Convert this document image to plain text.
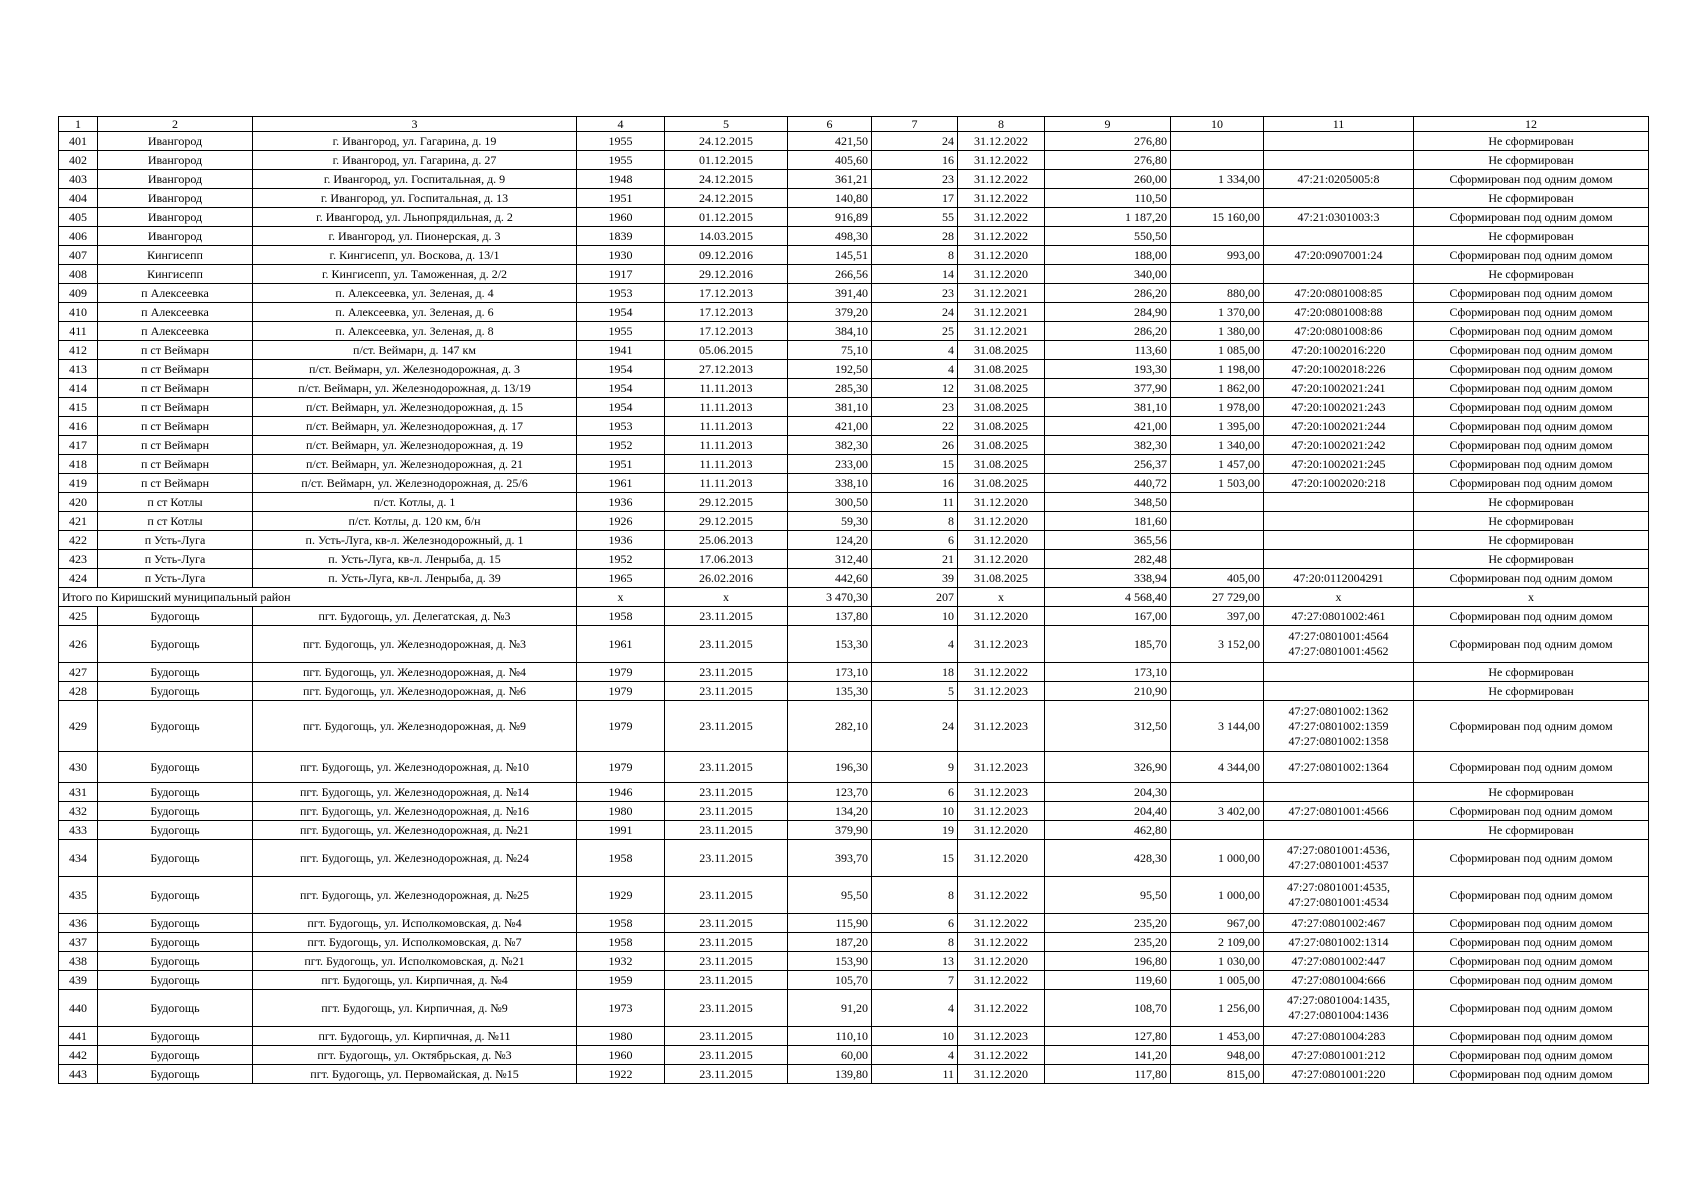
1	2	3	4	5	6	7	8	9	10	11	12
401	Ивангород	г. Ивангород, ул. Гагарина, д. 19	1955	24.12.2015	421,50	24	31.12.2022	276,80			Не сформирован
402	Ивангород	г. Ивангород, ул. Гагарина, д. 27	1955	01.12.2015	405,60	16	31.12.2022	276,80			Не сформирован
403	Ивангород	г. Ивангород, ул. Госпитальная, д. 9	1948	24.12.2015	361,21	23	31.12.2022	260,00	1 334,00	47:21:0205005:8	Сформирован под одним домом
404	Ивангород	г. Ивангород, ул. Госпитальная, д. 13	1951	24.12.2015	140,80	17	31.12.2022	110,50			Не сформирован
405	Ивангород	г. Ивангород, ул. Льнопрядильная, д. 2	1960	01.12.2015	916,89	55	31.12.2022	1 187,20	15 160,00	47:21:0301003:3	Сформирован под одним домом
406	Ивангород	г. Ивангород, ул. Пионерская, д. 3	1839	14.03.2015	498,30	28	31.12.2022	550,50			Не сформирован
407	Кингисепп	г. Кингисепп, ул. Воскова, д. 13/1	1930	09.12.2016	145,51	8	31.12.2020	188,00	993,00	47:20:0907001:24	Сформирован под одним домом
408	Кингисепп	г. Кингисепп, ул. Таможенная, д. 2/2	1917	29.12.2016	266,56	14	31.12.2020	340,00			Не сформирован
409	п Алексеевка	п. Алексеевка, ул. Зеленая, д. 4	1953	17.12.2013	391,40	23	31.12.2021	286,20	880,00	47:20:0801008:85	Сформирован под одним домом
410	п Алексеевка	п. Алексеевка, ул. Зеленая, д. 6	1954	17.12.2013	379,20	24	31.12.2021	284,90	1 370,00	47:20:0801008:88	Сформирован под одним домом
411	п Алексеевка	п. Алексеевка, ул. Зеленая, д. 8	1955	17.12.2013	384,10	25	31.12.2021	286,20	1 380,00	47:20:0801008:86	Сформирован под одним домом
412	п ст Веймарн	п/ст. Веймарн, д. 147 км	1941	05.06.2015	75,10	4	31.08.2025	113,60	1 085,00	47:20:1002016:220	Сформирован под одним домом
413	п ст Веймарн	п/ст. Веймарн, ул. Железнодорожная, д. 3	1954	27.12.2013	192,50	4	31.08.2025	193,30	1 198,00	47:20:1002018:226	Сформирован под одним домом
414	п ст Веймарн	п/ст. Веймарн, ул. Железнодорожная, д. 13/19	1954	11.11.2013	285,30	12	31.08.2025	377,90	1 862,00	47:20:1002021:241	Сформирован под одним домом
415	п ст Веймарн	п/ст. Веймарн, ул. Железнодорожная, д. 15	1954	11.11.2013	381,10	23	31.08.2025	381,10	1 978,00	47:20:1002021:243	Сформирован под одним домом
416	п ст Веймарн	п/ст. Веймарн, ул. Железнодорожная, д. 17	1953	11.11.2013	421,00	22	31.08.2025	421,00	1 395,00	47:20:1002021:244	Сформирован под одним домом
417	п ст Веймарн	п/ст. Веймарн, ул. Железнодорожная, д. 19	1952	11.11.2013	382,30	26	31.08.2025	382,30	1 340,00	47:20:1002021:242	Сформирован под одним домом
418	п ст Веймарн	п/ст. Веймарн, ул. Железнодорожная, д. 21	1951	11.11.2013	233,00	15	31.08.2025	256,37	1 457,00	47:20:1002021:245	Сформирован под одним домом
419	п ст Веймарн	п/ст. Веймарн, ул. Железнодорожная, д. 25/6	1961	11.11.2013	338,10	16	31.08.2025	440,72	1 503,00	47:20:1002020:218	Сформирован под одним домом
420	п ст Котлы	п/ст. Котлы, д. 1	1936	29.12.2015	300,50	11	31.12.2020	348,50			Не сформирован
421	п ст Котлы	п/ст. Котлы, д. 120 км, б/н	1926	29.12.2015	59,30	8	31.12.2020	181,60			Не сформирован
422	п Усть-Луга	п. Усть-Луга, кв-л. Железнодорожный, д. 1	1936	25.06.2013	124,20	6	31.12.2020	365,56			Не сформирован
423	п Усть-Луга	п. Усть-Луга, кв-л. Ленрыба, д. 15	1952	17.06.2013	312,40	21	31.12.2020	282,48			Не сформирован
424	п Усть-Луга	п. Усть-Луга, кв-л. Ленрыба, д. 39	1965	26.02.2016	442,60	39	31.08.2025	338,94	405,00	47:20:0112004291	Сформирован под одним домом
Итого по Киришский муниципальный район			x	x	3 470,30	207	x	4 568,40	27 729,00	x	x
425	Будогощь	пгт. Будогощь, ул. Делегатская, д. №3	1958	23.11.2015	137,80	10	31.12.2020	167,00	397,00	47:27:0801002:461	Сформирован под одним домом
426	Будогощь	пгт. Будогощь, ул. Железнодорожная, д. №3	1961	23.11.2015	153,30	4	31.12.2023	185,70	3 152,00	47:27:0801001:4564
47:27:0801001:4562	Сформирован под одним домом
427	Будогощь	пгт. Будогощь, ул. Железнодорожная, д. №4	1979	23.11.2015	173,10	18	31.12.2022	173,10			Не сформирован
428	Будогощь	пгт. Будогощь, ул. Железнодорожная, д. №6	1979	23.11.2015	135,30	5	31.12.2023	210,90			Не сформирован
429	Будогощь	пгт. Будогощь, ул. Железнодорожная, д. №9	1979	23.11.2015	282,10	24	31.12.2023	312,50	3 144,00	47:27:0801002:1362
47:27:0801002:1359
47:27:0801002:1358	Сформирован под одним домом
430	Будогощь	пгт. Будогощь, ул. Железнодорожная, д. №10	1979	23.11.2015	196,30	9	31.12.2023	326,90	4 344,00	47:27:0801002:1364	Сформирован под одним домом
431	Будогощь	пгт. Будогощь, ул. Железнодорожная, д. №14	1946	23.11.2015	123,70	6	31.12.2023	204,30			Не сформирован
432	Будогощь	пгт. Будогощь, ул. Железнодорожная, д. №16	1980	23.11.2015	134,20	10	31.12.2023	204,40	3 402,00	47:27:0801001:4566	Сформирован под одним домом
433	Будогощь	пгт. Будогощь, ул. Железнодорожная, д. №21	1991	23.11.2015	379,90	19	31.12.2020	462,80			Не сформирован
434	Будогощь	пгт. Будогощь, ул. Железнодорожная, д. №24	1958	23.11.2015	393,70	15	31.12.2020	428,30	1 000,00	47:27:0801001:4536,
47:27:0801001:4537	Сформирован под одним домом
435	Будогощь	пгт. Будогощь, ул. Железнодорожная, д. №25	1929	23.11.2015	95,50	8	31.12.2022	95,50	1 000,00	47:27:0801001:4535,
47:27:0801001:4534	Сформирован под одним домом
436	Будогощь	пгт. Будогощь, ул. Исполкомовская, д. №4	1958	23.11.2015	115,90	6	31.12.2022	235,20	967,00	47:27:0801002:467	Сформирован под одним домом
437	Будогощь	пгт. Будогощь, ул. Исполкомовская, д. №7	1958	23.11.2015	187,20	8	31.12.2022	235,20	2 109,00	47:27:0801002:1314	Сформирован под одним домом
438	Будогощь	пгт. Будогощь, ул. Исполкомовская, д. №21	1932	23.11.2015	153,90	13	31.12.2020	196,80	1 030,00	47:27:0801002:447	Сформирован под одним домом
439	Будогощь	пгт. Будогощь, ул. Кирпичная, д. №4	1959	23.11.2015	105,70	7	31.12.2022	119,60	1 005,00	47:27:0801004:666	Сформирован под одним домом
440	Будогощь	пгт. Будогощь, ул. Кирпичная, д. №9	1973	23.11.2015	91,20	4	31.12.2022	108,70	1 256,00	47:27:0801004:1435,
47:27:0801004:1436	Сформирован под одним домом
441	Будогощь	пгт. Будогощь, ул. Кирпичная, д. №11	1980	23.11.2015	110,10	10	31.12.2023	127,80	1 453,00	47:27:0801004:283	Сформирован под одним домом
442	Будогощь	пгт. Будогощь, ул. Октябрьская, д. №3	1960	23.11.2015	60,00	4	31.12.2022	141,20	948,00	47:27:0801001:212	Сформирован под одним домом
443	Будогощь	пгт. Будогощь, ул. Первомайская, д. №15	1922	23.11.2015	139,80	11	31.12.2020	117,80	815,00	47:27:0801001:220	Сформирован под одним домом
